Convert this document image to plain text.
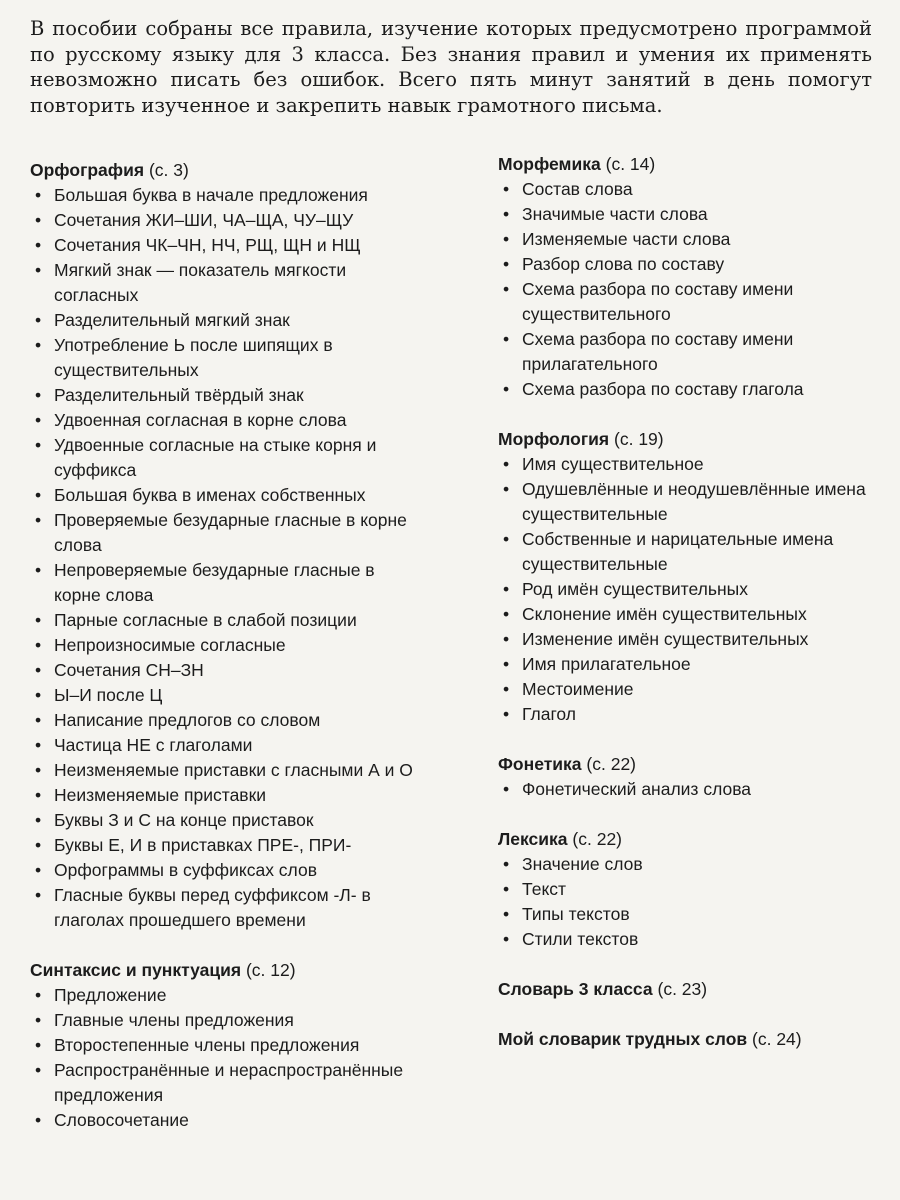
В пособии собраны все правила, изучение которых предусмотрено программой по русскому языку для 3 класса. Без знания правил и умения их применять невозможно писать без ошибок. Всего пять минут занятий в день помогут повторить изученное и закрепить навык грамотного письма.

Орфография (с. 3)
• Большая буква в начале предложения
• Сочетания ЖИ–ШИ, ЧА–ЩА, ЧУ–ЩУ
• Сочетания ЧК–ЧН, НЧ, РЩ, ЩН и НЩ
• Мягкий знак — показатель мягкости согласных
• Разделительный мягкий знак
• Употребление Ь после шипящих в существительных
• Разделительный твёрдый знак
• Удвоенная согласная в корне слова
• Удвоенные согласные на стыке корня и суффикса
• Большая буква в именах собственных
• Проверяемые безударные гласные в корне слова
• Непроверяемые безударные гласные в корне слова
• Парные согласные в слабой позиции
• Непроизносимые согласные
• Сочетания СН–ЗН
• Ы–И после Ц
• Написание предлогов со словом
• Частица НЕ с глаголами
• Неизменяемые приставки с гласными А и О
• Неизменяемые приставки
• Буквы З и С на конце приставок
• Буквы Е, И в приставках ПРЕ-, ПРИ-
• Орфограммы в суффиксах слов
• Гласные буквы перед суффиксом -Л- в глаголах прошедшего времени
Синтаксис и пунктуация (с. 12)
• Предложение
• Главные члены предложения
• Второстепенные члены предложения
• Распространённые и нераспространённые предложения
• Словосочетание
Морфемика (с. 14)
• Состав слова
• Значимые части слова
• Изменяемые части слова
• Разбор слова по составу
• Схема разбора по составу имени существительного
• Схема разбора по составу имени прилагательного
• Схема разбора по составу глагола
Морфология (с. 19)
• Имя существительное
• Одушевлённые и неодушевлённые имена существительные
• Собственные и нарицательные имена существительные
• Род имён существительных
• Склонение имён существительных
• Изменение имён существительных
• Имя прилагательное
• Местоимение
• Глагол
Фонетика (с. 22)
• Фонетический анализ слова
Лексика (с. 22)
• Значение слов
• Текст
• Типы текстов
• Стили текстов
Словарь 3 класса (с. 23)
Мой словарик трудных слов (с. 24)
